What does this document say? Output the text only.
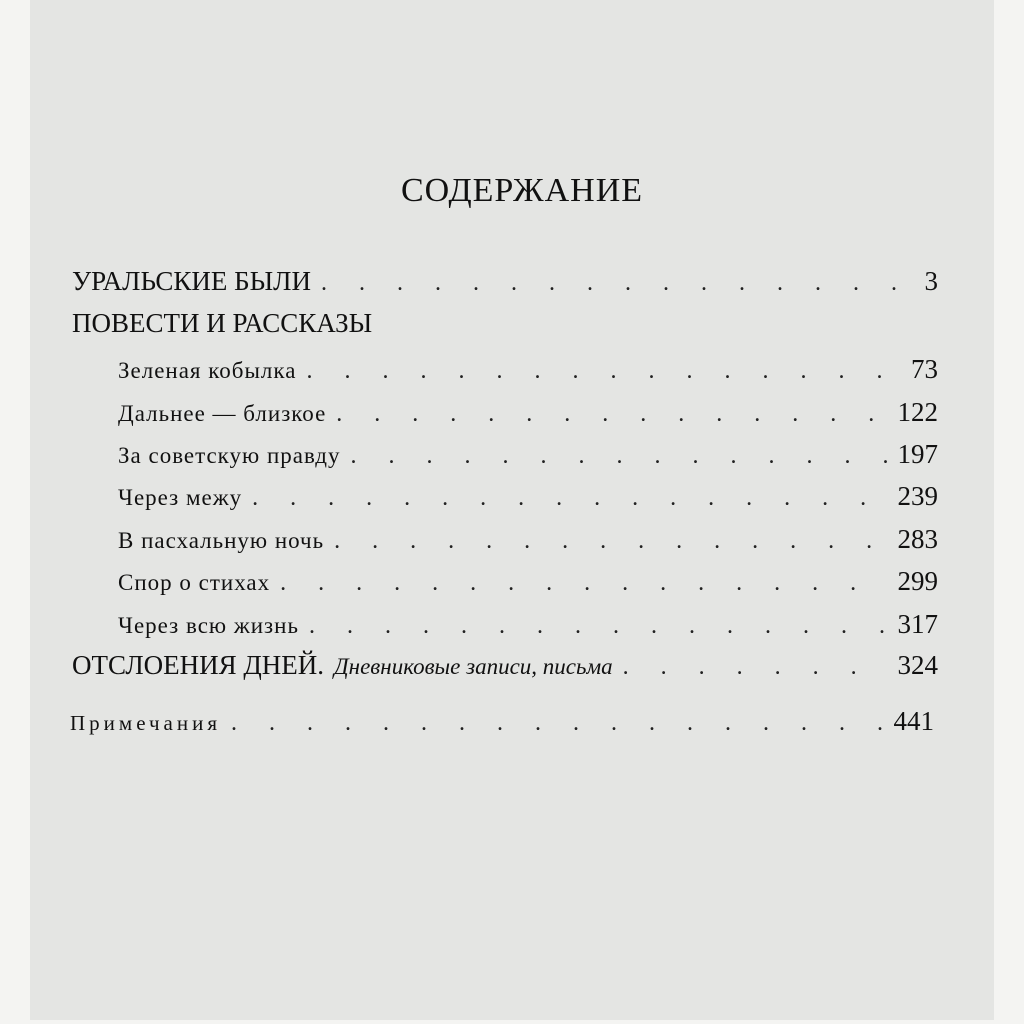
СОДЕРЖАНИЕ
УРАЛЬСКИЕ БЫЛИ . . .	3
ПОВЕСТИ И РАССКАЗЫ
Зеленая кобылка . . .	73
Дальнее — близкое . . .	122
За советскую правду . . .	197
Через межу . . .	239
В пасхальную ночь . . .	283
Спор о стихах . . .	299
Через всю жизнь . . .	317
ОТСЛОЕНИЯ ДНЕЙ. Дневниковые записи, письма . . .	324
Примечания . . .	441
